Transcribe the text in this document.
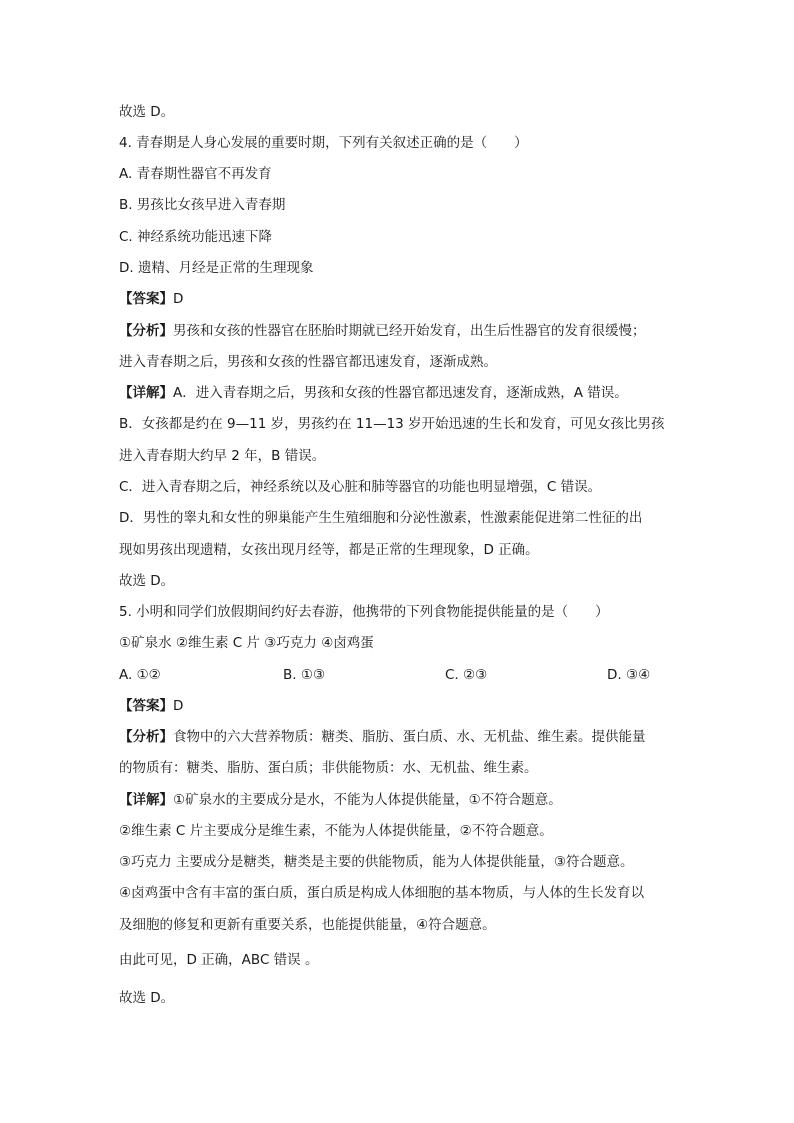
故选 D。
4. 青春期是人身心发展的重要时期，下列有关叙述正确的是（　　）
A. 青春期性器官不再发育
B. 男孩比女孩早进入青春期
C. 神经系统功能迅速下降
D. 遗精、月经是正常的生理现象
【答案】D
【分析】男孩和女孩的性器官在胚胎时期就已经开始发育，出生后性器官的发育很缓慢；
进入青春期之后，男孩和女孩的性器官都迅速发育，逐渐成熟。
【详解】A．进入青春期之后，男孩和女孩的性器官都迅速发育，逐渐成熟，A 错误。
B．女孩都是约在 9—11 岁，男孩约在 11—13 岁开始迅速的生长和发育，可见女孩比男孩
进入青春期大约早 2 年，B 错误。
C．进入青春期之后，神经系统以及心脏和肺等器官的功能也明显增强，C 错误。
D．男性的睾丸和女性的卵巢能产生生殖细胞和分泌性激素，性激素能促进第二性征的出
现如男孩出现遗精，女孩出现月经等，都是正常的生理现象，D 正确。
故选 D。
5. 小明和同学们放假期间约好去春游，他携带的下列食物能提供能量的是（　　）
①矿泉水 ②维生素 C 片 ③巧克力 ④卤鸡蛋
A. ①②	B. ①③	C. ②③	D. ③④
【答案】D
【分析】食物中的六大营养物质：糖类、脂肪、蛋白质、水、无机盐、维生素。提供能量
的物质有：糖类、脂肪、蛋白质；非供能物质：水、无机盐、维生素。
【详解】①矿泉水的主要成分是水，不能为人体提供能量，①不符合题意。
②维生素 C 片主要成分是维生素，不能为人体提供能量，②不符合题意。
③巧克力 主要成分是糖类，糖类是主要的供能物质，能为人体提供能量，③符合题意。
④卤鸡蛋中含有丰富的蛋白质，蛋白质是构成人体细胞的基本物质，与人体的生长发育以
及细胞的修复和更新有重要关系，也能提供能量，④符合题意。
由此可见，D 正确，ABC 错误 。
故选 D。
